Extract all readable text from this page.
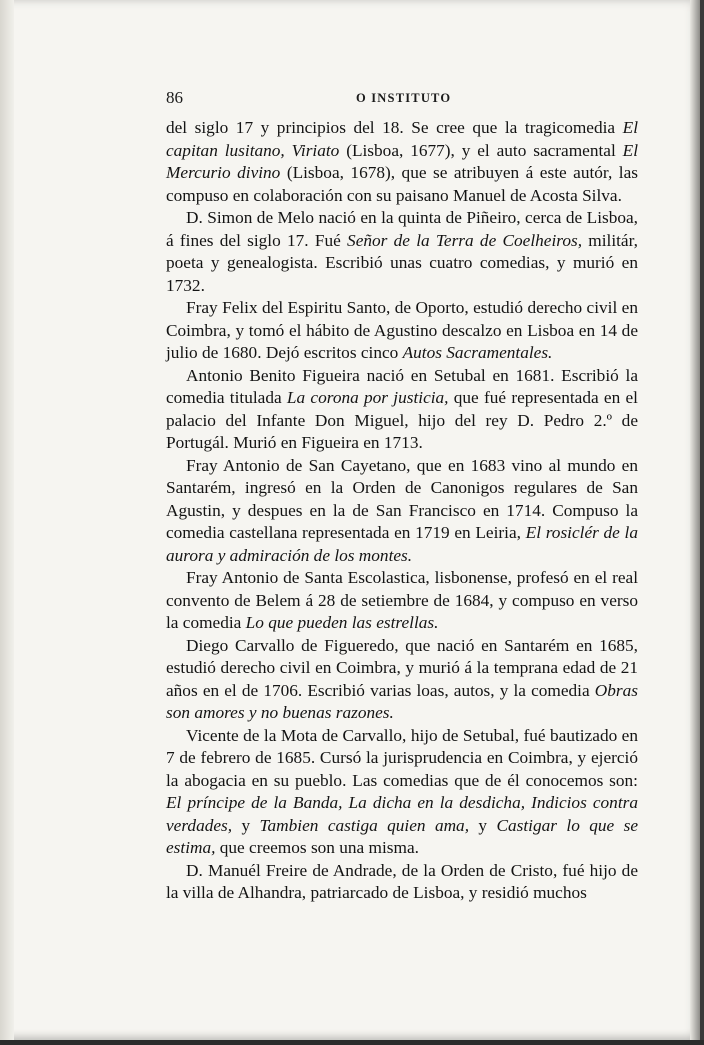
86	O INSTITUTO

del siglo 17 y principios del 18. Se cree que la tragicomedia El capitan lusitano, Viriato (Lisboa, 1677), y el auto sacramental El Mercurio divino (Lisboa, 1678), que se atribuyen á este autór, las compuso en colaboración con su paisano Manuel de Acosta Silva.

D. Simon de Melo nació en la quinta de Piñeiro, cerca de Lisboa, á fines del siglo 17. Fué Señor de la Terra de Coelheiros, militár, poeta y genealogista. Escribió unas cuatro comedias, y murió en 1732.

Fray Felix del Espiritu Santo, de Oporto, estudió derecho civil en Coimbra, y tomó el hábito de Agustino descalzo en Lisboa en 14 de julio de 1680. Dejó escritos cinco Autos Sacramentales.

Antonio Benito Figueira nació en Setubal en 1681. Escribió la comedia titulada La corona por justicia, que fué representada en el palacio del Infante Don Miguel, hijo del rey D. Pedro 2.º de Portugál. Murió en Figueira en 1713.

Fray Antonio de San Cayetano, que en 1683 vino al mundo en Santarém, ingresó en la Orden de Canonigos regulares de San Agustin, y despues en la de San Francisco en 1714. Compuso la comedia castellana representada en 1719 en Leiria, El rosiclér de la aurora y admiración de los montes.

Fray Antonio de Santa Escolastica, lisbonense, profesó en el real convento de Belem á 28 de setiembre de 1684, y compuso en verso la comedia Lo que pueden las estrellas.

Diego Carvallo de Figueredo, que nació en Santarém en 1685, estudió derecho civil en Coimbra, y murió á la temprana edad de 21 años en el de 1706. Escribió varias loas, autos, y la comedia Obras son amores y no buenas razones.

Vicente de la Mota de Carvallo, hijo de Setubal, fué bautizado en 7 de febrero de 1685. Cursó la jurisprudencia en Coimbra, y ejerció la abogacia en su pueblo. Las comedias que de él conocemos son: El príncipe de la Banda, La dicha en la desdicha, Indicios contra verdades, y Tambien castiga quien ama, y Castigar lo que se estima, que creemos son una misma.

D. Manuél Freire de Andrade, de la Orden de Cristo, fué hijo de la villa de Alhandra, patriarcado de Lisboa, y residió muchos
